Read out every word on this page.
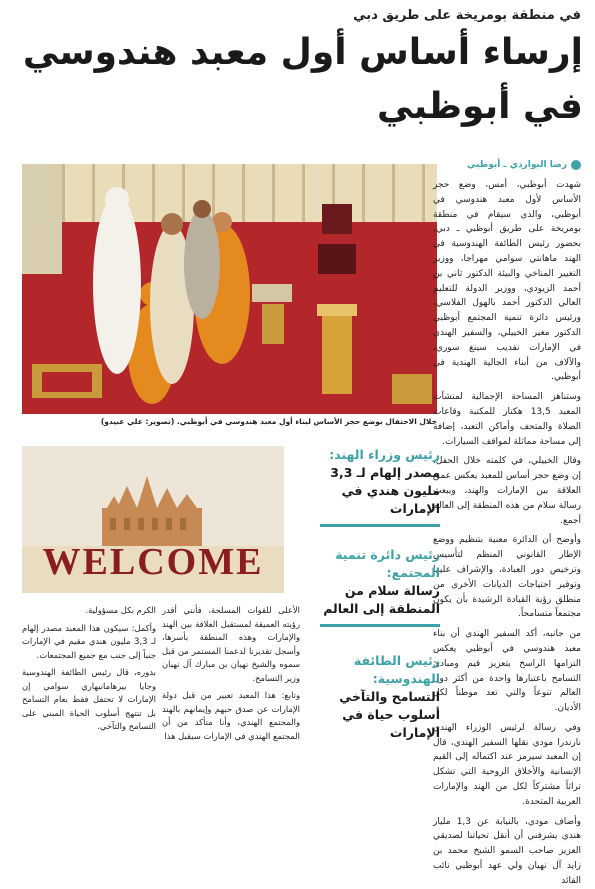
في منطقة بومريخة على طريق دبي
إرساء أساس أول معبد هندوسي في أبوظبي
رضا البواردي ـ أبوظبي
خلال الاحتفال بوضع حجر الأساس لبناء أول معبد هندوسي في أبوظبي. (تصوير: علي عبيدو)

شهدت أبوظبي، أمس، وضع حجر الأساس لأول معبد هندوسي في أبوظبي، والذي سيقام في منطقة بومريخة على طريق أبوظبي ـ دبي، بحضور رئيس الطائفة الهندوسية في الهند ماهانتي سوامي مهراجا، ووزير التغيير المناخي والبيئة الدكتور ثاني بن أحمد الزيودي، ووزير الدولة للتعليم العالي الدكتور أحمد بالهول الفلاسي، ورئيس دائرة تنمية المجتمع أبوظبي الدكتور مغير الخييلي، والسفير الهندي في الإمارات نفديب سينغ سوري، والآلاف من أبناء الجالية الهندية في أبوظبي.

وستناهز المساحة الإجمالية لمنشآت المعبد 13,5 هكتار للمكتبة وقاعات الصلاة والمتحف وأماكن التعبد، إضافة إلى مساحة مماثلة لمواقف السيارات.

وقال الخييلي، في كلمته خلال الحفل، إن وضع حجر أساس للمعبد يعكس عمق العلاقة بين الإمارات والهند، ويبعث رسالة سلام من هذه المنطقة إلى العالم أجمع.

وأوضح أن الدائرة معنية بتنظيم ووضع الإطار القانوني المنظم لتأسيس وترخيص دور العبادة، والإشراف عليها وتوفير احتياجات الديانات الأخرى من منطلق رؤية القيادة الرشيدة بأن يكون مجتمعاً متسامحاً.

من جانبه، أكد السفير الهندي أن بناء معبد هندوسي في أبوظبي يعكس التزامها الراسخ بتعزيز قيم ومبادئ التسامح باعتبارها واحدة من أكثر دول العالم تنوعاً والتي تعد موطناً لكل الأديان.

وفي رسالة لرئيس الوزراء الهندي نارندرا مودي نقلها السفير الهندي، قال إن المعبد سيرمز عند اكتماله إلى القيم الإنسانية والأخلاق الروحية التي تشكل تراثاً مشتركاً لكل من الهند والإمارات العربية المتحدة.

وأضاف مودي، بالنيابة عن 1,3 مليار هندي يشرفني أن أنقل تحياتنا لصديقي العزيز صاحب السمو الشيخ محمد بن زايد آل نهيان ولي عهد أبوظبي نائب القائد

WELCOME
رئيس وزراء الهند:
مصدر إلهام لـ 3,3 مليون هندي في الإمارات
رئيس دائرة تنمية المجتمع:
رسالة سلام من المنطقة إلى العالم
رئيس الطائفة الهندوسية:
التسامح والتآخي أسلوب حياة في الإمارات

الأعلى للقوات المسلحة، فأنني أقدر رؤيته العميقة لمستقبل العلاقة بين الهند والإمارات وهذه المنطقة بأسرها، وأسجل تقديرنا لدعمنا المستمر من قبل سموه والشيخ نهيان بن مبارك آل نهيان وزير التسامح.

وتابع: هذا المعبد تعبير من قبل دولة الإمارات عن صدق حبهم وإيمانهم بالهند والمجتمع الهندي، وأنا متأكد من أن المجتمع الهندي في الإمارات سيقبل هذا

الكرم بكل مسؤولية.

وأكمل: سيكون هذا المعبد مصدر إلهام لـ 3,3 مليون هندي مقيم في الإمارات جنباً إلى جنب مع جميع المجتمعات.

بدوره، قال رئيس الطائفة الهندوسية وجايا بيرهامانيهاري سوامي إن الإمارات لا تحتفل فقط بعام التسامح بل تنتهج أسلوب الحياة المبني على التسامح والتآخي.
